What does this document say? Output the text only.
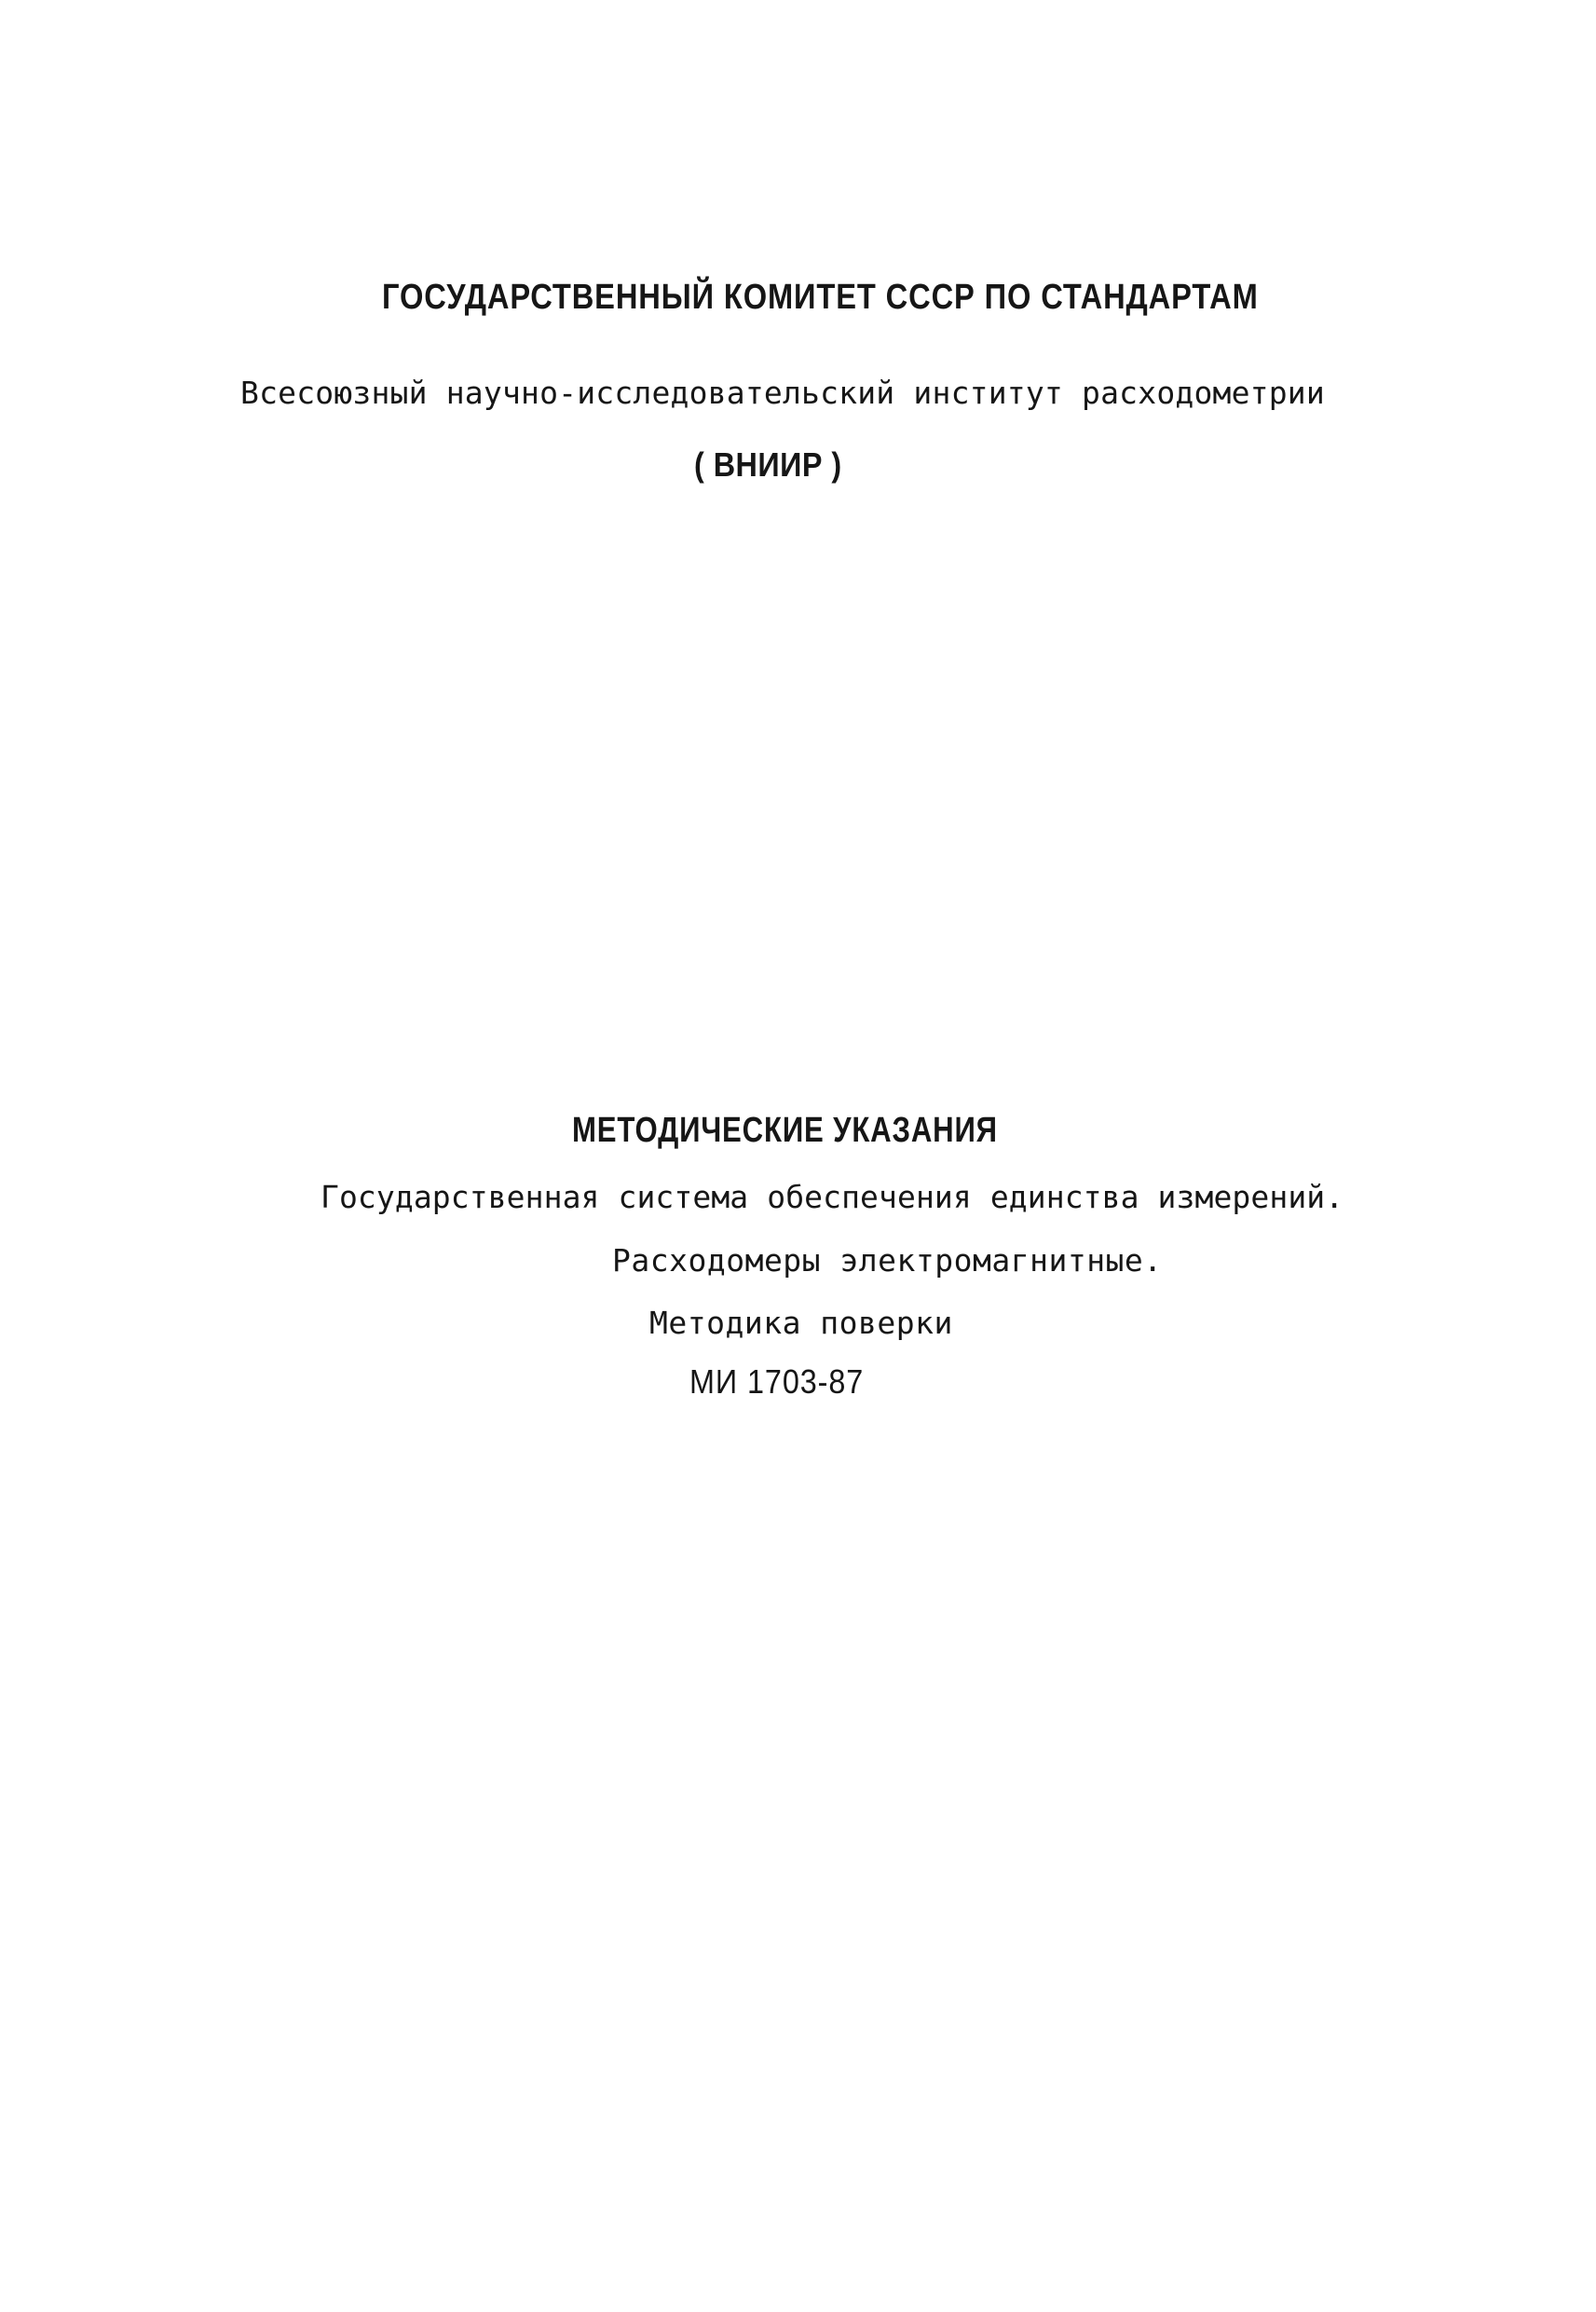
ГОСУДАРСТВЕННЫЙ КОМИТЕТ СССР ПО СТАНДАРТАМ
Всесоюзный научно-исследовательский институт расходометрии
( ВНИИР )
МЕТОДИЧЕСКИЕ УКАЗАНИЯ
Государственная система обеспечения единства измерений.
Расходомеры электромагнитные.
Методика поверки
МИ 1703-87
